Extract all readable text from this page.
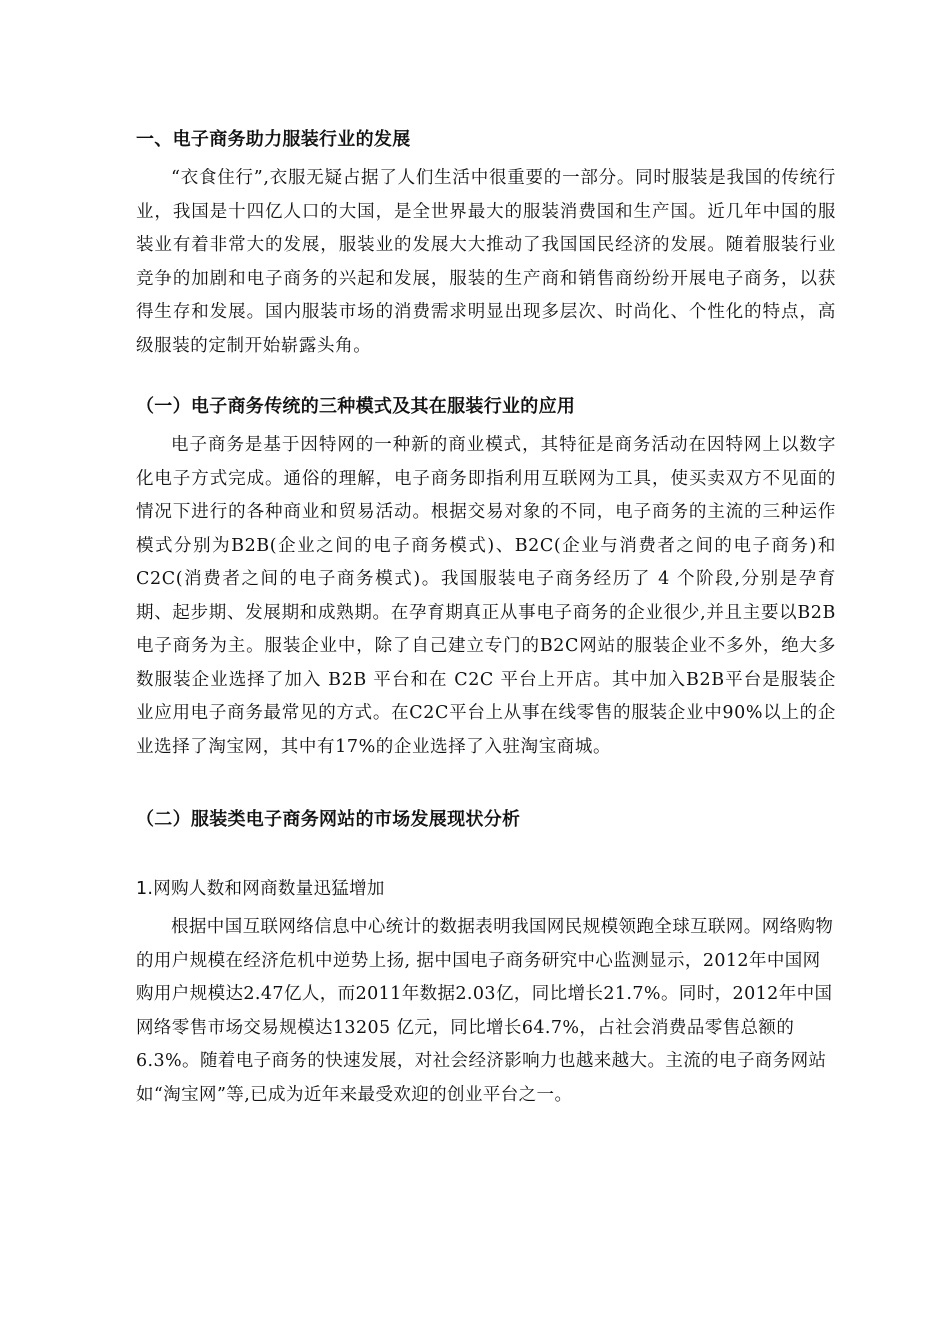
一、电子商务助力服装行业的发展
“衣食住行”,衣服无疑占据了人们生活中很重要的一部分。同时服装是我国的传统行业，我国是十四亿人口的大国，是全世界最大的服装消费国和生产国。近几年中国的服装业有着非常大的发展，服装业的发展大大推动了我国国民经济的发展。随着服装行业竞争的加剧和电子商务的兴起和发展，服装的生产商和销售商纷纷开展电子商务，以获得生存和发展。国内服装市场的消费需求明显出现多层次、时尚化、个性化的特点，高级服装的定制开始崭露头角。
（一）电子商务传统的三种模式及其在服装行业的应用
电子商务是基于因特网的一种新的商业模式，其特征是商务活动在因特网上以数字化电子方式完成。通俗的理解，电子商务即指利用互联网为工具，使买卖双方不见面的情况下进行的各种商业和贸易活动。根据交易对象的不同，电子商务的主流的三种运作模式分别为B2B(企业之间的电子商务模式)、B2C(企业与消费者之间的电子商务)和 C2C(消费者之间的电子商务模式)。我国服装电子商务经历了 4 个阶段,分别是孕育期、起步期、发展期和成熟期。在孕育期真正从事电子商务的企业很少,并且主要以B2B电子商务为主。服装企业中，除了自己建立专门的B2C网站的服装企业不多外，绝大多数服装企业选择了加入 B2B 平台和在 C2C 平台上开店。其中加入B2B平台是服装企业应用电子商务最常见的方式。在C2C平台上从事在线零售的服装企业中90%以上的企业选择了淘宝网，其中有17%的企业选择了入驻淘宝商城。
（二）服装类电子商务网站的市场发展现状分析
1.网购人数和网商数量迅猛增加
根据中国互联网络信息中心统计的数据表明我国网民规模领跑全球互联网。网络购物的用户规模在经济危机中逆势上扬, 据中国电子商务研究中心监测显示，2012年中国网购用户规模达2.47亿人，而2011年数据2.03亿，同比增长21.7%。同时，2012年中国网络零售市场交易规模达13205 亿元，同比增长64.7%，占社会消费品零售总额的6.3%。随着电子商务的快速发展，对社会经济影响力也越来越大。主流的电子商务网站如“淘宝网”等,已成为近年来最受欢迎的创业平台之一。
